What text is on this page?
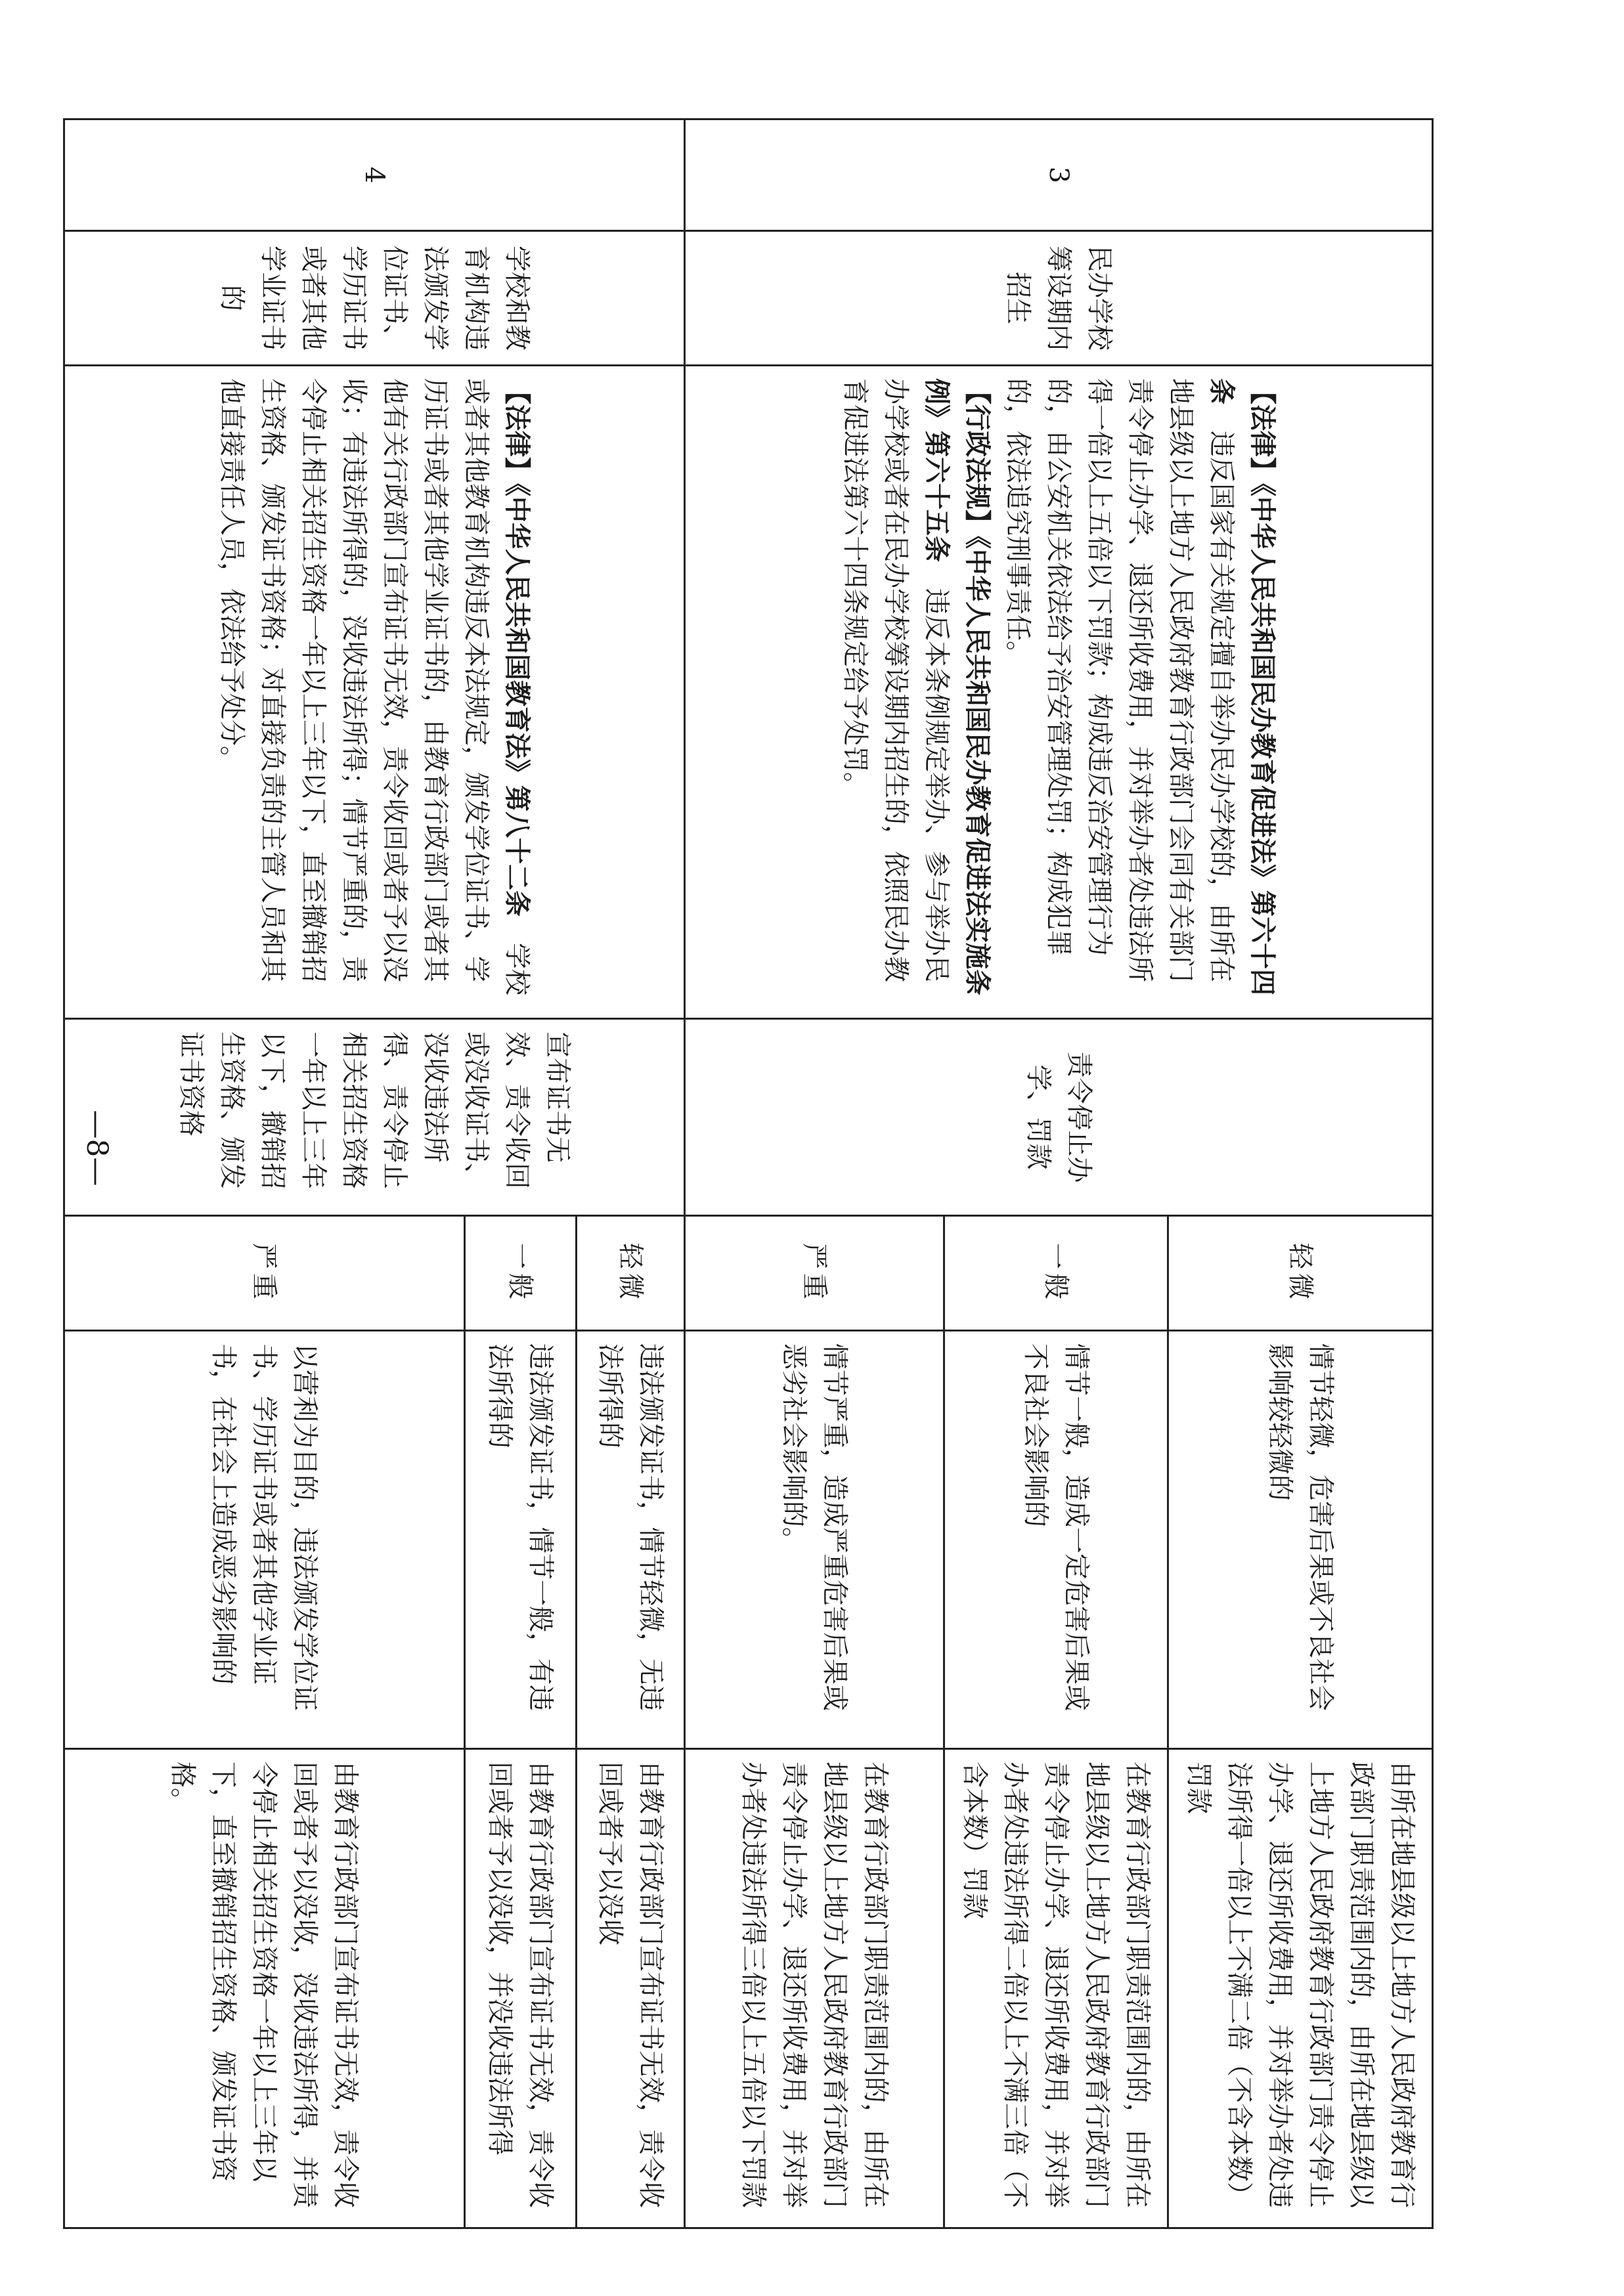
3	民办学校筹设期内招生	【法律】《中华人民共和国民办教育促进法》第六十四条　违反国家有关规定擅自举办民办学校的，由所在地县级以上地方人民政府教育行政部门会同有关部门责令停止办学、退还所收费用，并对举办者处违法所得一倍以上五倍以下罚款；构成违反治安管理行为的，由公安机关依法给予治安管理处罚；构成犯罪的，依法追究刑事责任。
【行政法规】《中华人民共和国民办教育促进法实施条例》第六十五条　违反本条例规定举办、参与举办民办学校或者在民办学校筹设期内招生的，依照民办教育促进法第六十四条规定给予处罚。	责令停止办学、罚款	轻微	情节轻微，危害后果或不良社会影响较轻微的	由所在地县级以上地方人民政府教育行政部门职责范围内的，由所在地县级以上地方人民政府教育行政部门责令停止办学、退还所收费用，并对举办者处违法所得一倍以上不满二倍（不含本数）罚款
				一般	情节一般，造成一定危害后果或不良社会影响的	在教育行政部门职责范围内的，由所在地县级以上地方人民政府教育行政部门责令停止办学、退还所收费用，并对举办者处违法所得二倍以上不满三倍（不含本数）罚款
				严重	情节严重，造成严重危害后果或恶劣社会影响的。	在教育行政部门职责范围内的，由所在地县级以上地方人民政府教育行政部门责令停止办学、退还所收费用，并对举办者处违法所得三倍以上五倍以下罚款
4	学校和教育机构违法颁发学位证书、学历证书或者其他学业证书的	【法律】《中华人民共和国教育法》第八十二条　学校或者其他教育机构违反本法规定，颁发学位证书、学历证书或者其他学业证书的，由教育行政部门或者其他有关行政部门宣布证书无效，责令收回或者予以没收；有违法所得的，没收违法所得；情节严重的，责令停止相关招生资格一年以上三年以下，直至撤销招生资格、颁发证书资格；对直接负责的主管人员和其他直接责任人员，依法给予处分。	宣布证书无效、责令收回或没收证书、没收违法所得、责令停止相关招生资格一年以上三年以下，撤销招生资格、颁发证书资格	轻微	违法颁发证书，情节轻微，无违法所得的	由教育行政部门宣布证书无效，责令收回或者予以没收
				一般	违法颁发证书，情节一般，有违法所得的	由教育行政部门宣布证书无效，责令收回或者予以没收，并没收违法所得
				严重	以营利为目的，违法颁发学位证书、学历证书或者其他学业证书，在社会上造成恶劣影响的	由教育行政部门宣布证书无效，责令收回或者予以没收，没收违法所得，并责令停止相关招生资格一年以上三年以下，直至撤销招生资格、颁发证书资格。
—8—
